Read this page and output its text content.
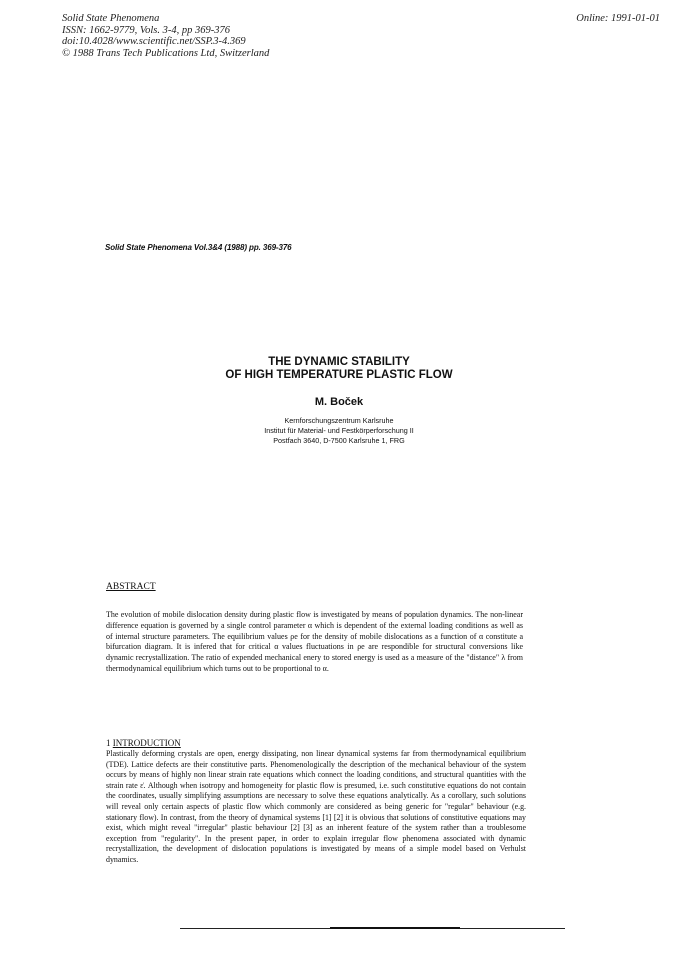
Solid State Phenomena
ISSN: 1662-9779, Vols. 3-4, pp 369-376
doi:10.4028/www.scientific.net/SSP.3-4.369
© 1988 Trans Tech Publications Ltd, Switzerland
Online: 1991-01-01
Solid State Phenomena Vol.3&4 (1988) pp. 369-376
THE DYNAMIC STABILITY
OF HIGH TEMPERATURE PLASTIC FLOW
M. Boček
Kernforschungszentrum Karlsruhe
Institut für Material- und Festkörperforschung II
Postfach 3640, D-7500 Karlsruhe 1, FRG
ABSTRACT
The evolution of mobile dislocation density during plastic flow is investigated by means of population dynamics. The non-linear difference equation is governed by a single control parameter α which is dependent of the external loading conditions as well as of internal structure parameters. The equilibrium values ρe for the density of mobile dislocations as a function of α constitute a bifurcation diagram. It is infered that for critical α values fluctuations in ρe are respondible for structural conversions like dynamic recrystallization. The ratio of expended mechanical enery to stored energy is used as a measure of the "distance" λ from thermodynamical equilibrium which turns out to be proportional to α.
1 INTRODUCTION
Plastically deforming crystals are open, energy dissipating, non linear dynamical systems far from thermodynamical equilibrium (TDE). Lattice defects are their constitutive parts. Phenomenologically the description of the mechanical behaviour of the system occurs by means of highly non linear strain rate equations which connect the loading conditions, and structural quantities with the strain rate ε̇. Although when isotropy and homogeneity for plastic flow is presumed, i.e. such constitutive equations do not contain the coordinates, usually simplifying assumptions are necessary to solve these equations analytically. As a corollary, such solutions will reveal only certain aspects of plastic flow which commonly are considered as being generic for "regular" behaviour (e.g. stationary flow). In contrast, from the theory of dynamical systems [1] [2] it is obvious that solutions of constitutive equations may exist, which might reveal "irregular" plastic behaviour [2] [3] as an inherent feature of the system rather than a troublesome exception from "regularity". In the present paper, in order to explain irregular flow phenomena associated with dynamic recrystallization, the development of dislocation populations is investigated by means of a simple model based on Verhulst dynamics.
